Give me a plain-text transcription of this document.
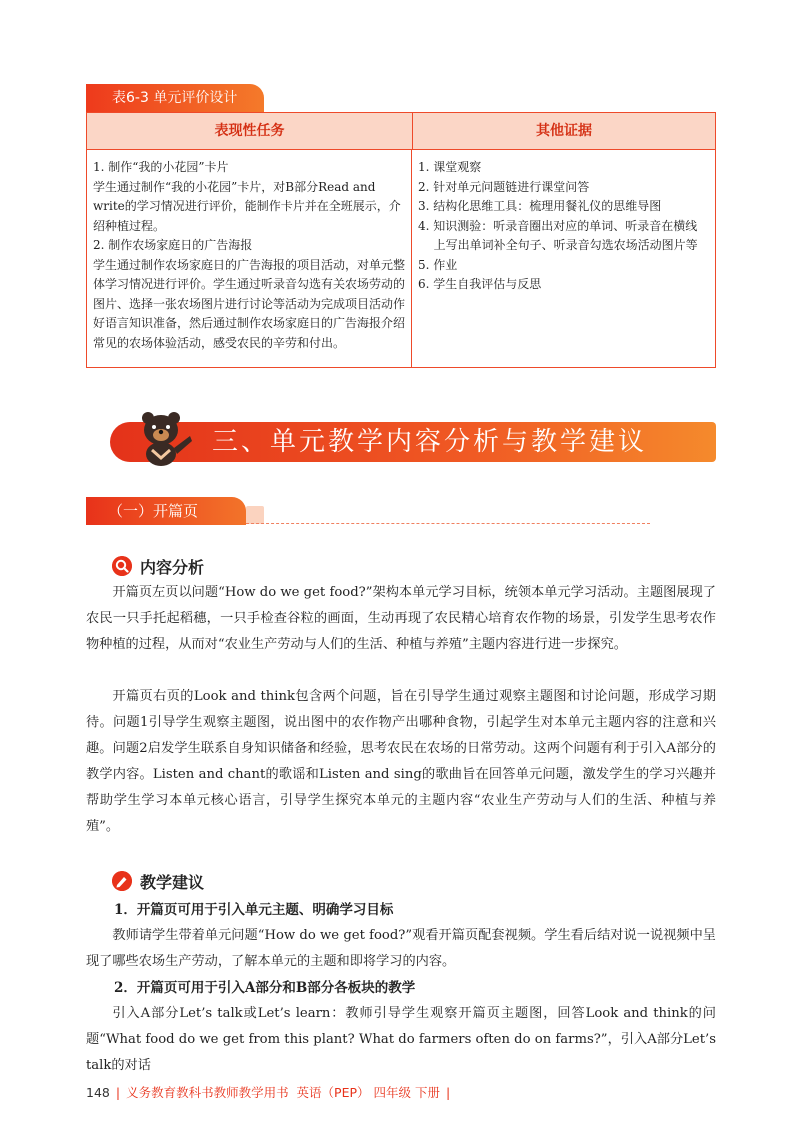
表6-3 单元评价设计
表现性任务	其他证据

1. 制作“我的小花园”卡片

学生通过制作“我的小花园”卡片，对B部分Read and write的学习情况进行评价，能制作卡片并在全班展示，介绍种植过程。

2. 制作农场家庭日的广告海报

学生通过制作农场家庭日的广告海报的项目活动，对单元整体学习情况进行评价。学生通过听录音勾选有关农场劳动的图片、选择一张农场图片进行讨论等活动为完成项目活动作好语言知识准备，然后通过制作农场家庭日的广告海报介绍常见的农场体验活动，感受农民的辛劳和付出。

1. 课堂观察

2. 针对单元问题链进行课堂问答

3. 结构化思维工具：梳理用餐礼仪的思维导图

4. 知识测验：听录音圈出对应的单词、听录音在横线上写出单词补全句子、听录音勾选农场活动图片等

5. 作业

6. 学生自我评估与反思

三、单元教学内容分析与教学建议
（一）开篇页
内容分析

开篇页左页以问题“How do we get food?”架构本单元学习目标，统领本单元学习活动。主题图展现了农民一只手托起稻穗，一只手检查谷粒的画面，生动再现了农民精心培育农作物的场景，引发学生思考农作物种植的过程，从而对“农业生产劳动与人们的生活、种植与养殖”主题内容进行进一步探究。

开篇页右页的Look and think包含两个问题，旨在引导学生通过观察主题图和讨论问题，形成学习期待。问题1引导学生观察主题图，说出图中的农作物产出哪种食物，引起学生对本单元主题内容的注意和兴趣。问题2启发学生联系自身知识储备和经验，思考农民在农场的日常劳动。这两个问题有利于引入A部分的教学内容。Listen and chant的歌谣和Listen and sing的歌曲旨在回答单元问题，激发学生的学习兴趣并帮助学生学习本单元核心语言，引导学生探究本单元的主题内容“农业生产劳动与人们的生活、种植与养殖”。

教学建议
1．开篇页可用于引入单元主题、明确学习目标

教师请学生带着单元问题“How do we get food?”观看开篇页配套视频。学生看后结对说一说视频中呈现了哪些农场生产劳动，了解本单元的主题和即将学习的内容。

2．开篇页可用于引入A部分和B部分各板块的教学

引入A部分Let’s talk或Let’s learn：教师引导学生观察开篇页主题图，回答Look and think的问题“What food do we get from this plant? What do farmers often do on farms?”，引入A部分Let’s talk的对话

148 | 义务教育教科书教师教学用书 英语（PEP） 四年级 下册 |
